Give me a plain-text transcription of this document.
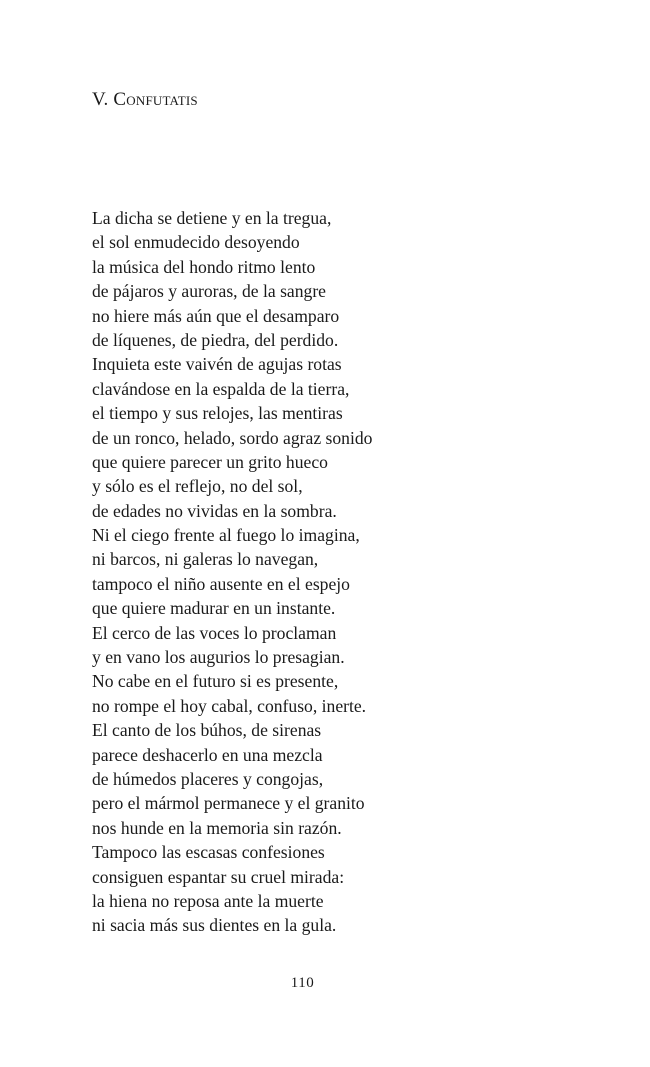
V. Confutatis
La dicha se detiene y en la tregua,
el sol enmudecido desoyendo
la música del hondo ritmo lento
de pájaros y auroras, de la sangre
no hiere más aún que el desamparo
de líquenes, de piedra, del perdido.
Inquieta este vaivén de agujas rotas
clavándose en la espalda de la tierra,
el tiempo y sus relojes, las mentiras
de un ronco, helado, sordo agraz sonido
que quiere parecer un grito hueco
y sólo es el reflejo, no del sol,
de edades no vividas en la sombra.
Ni el ciego frente al fuego lo imagina,
ni barcos, ni galeras lo navegan,
tampoco el niño ausente en el espejo
que quiere madurar en un instante.
El cerco de las voces lo proclaman
y en vano los augurios lo presagian.
No cabe en el futuro si es presente,
no rompe el hoy cabal, confuso, inerte.
El canto de los búhos, de sirenas
parece deshacerlo en una mezcla
de húmedos placeres y congojas,
pero el mármol permanece y el granito
nos hunde en la memoria sin razón.
Tampoco las escasas confesiones
consiguen espantar su cruel mirada:
la hiena no reposa ante la muerte
ni sacia más sus dientes en la gula.
110
